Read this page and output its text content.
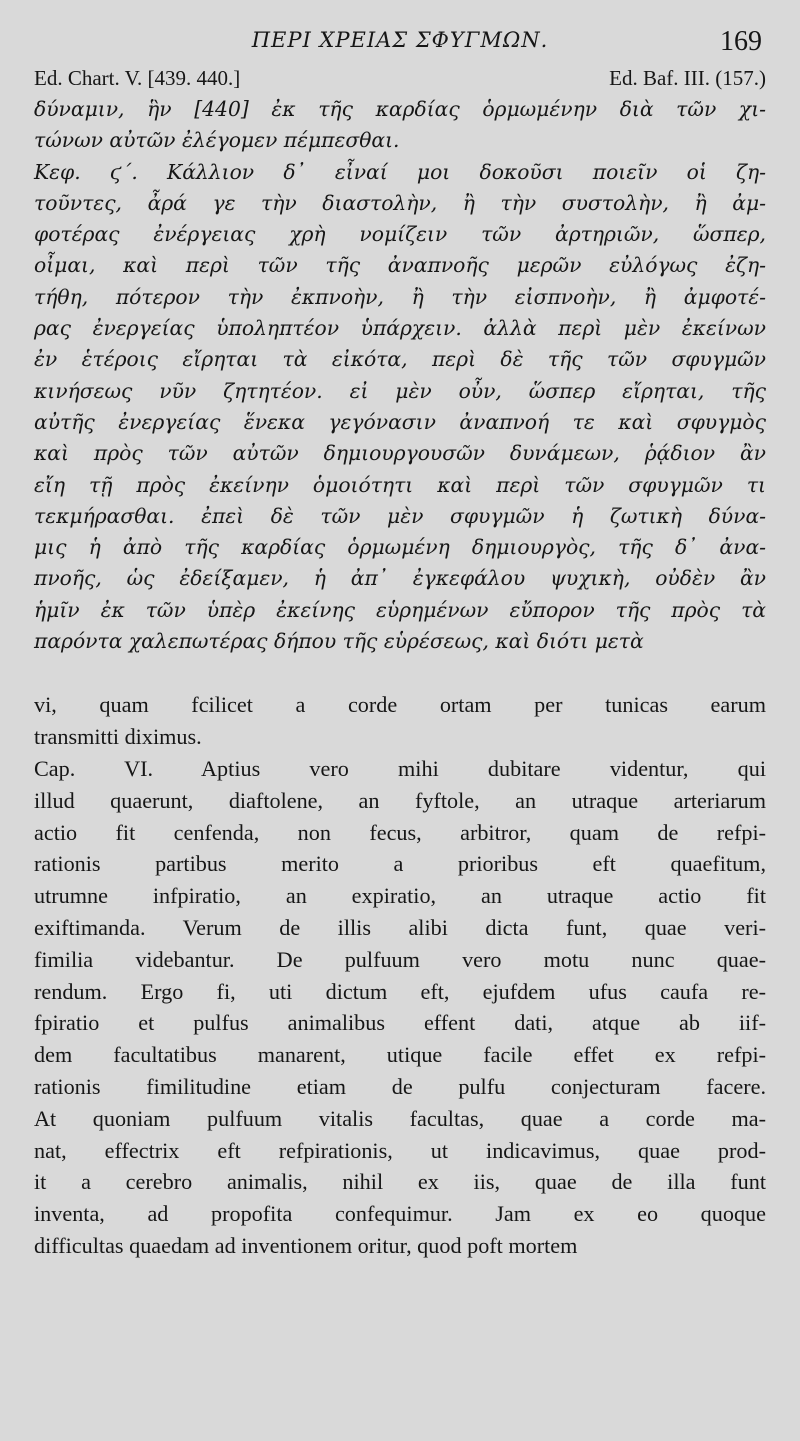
ΠΕΡΙ ΧΡΕΙΑΣ ΣΦΥΓΜΩΝ.	169
Ed. Chart. V. [439. 440.]	Ed. Baf. III. (157.)
δύναμιν, ἣν [440] ἐκ τῆς καρδίας ὁρμωμένην διὰ τῶν χι-
τώνων αὐτῶν ἐλέγομεν πέμπεσθαι.
Κεφ. ϛ΄. Κάλλιον δ᾽ εἶναί μοι δοκοῦσι ποιεῖν οἱ ζη-
τοῦντες, ἆρά γε τὴν διαστολὴν, ἢ τὴν συστολὴν, ἢ ἀμ-
φοτέρας ἐνέργειας χρὴ νομίζειν τῶν ἀρτηριῶν, ὥσπερ,
οἶμαι, καὶ περὶ τῶν τῆς ἀναπνοῆς μερῶν εὐλόγως ἐζη-
τήθη, πότερον τὴν ἐκπνοὴν, ἢ τὴν εἰσπνοὴν, ἢ ἀμφοτέ-
ρας ἐνεργείας ὑποληπτέον ὑπάρχειν. ἀλλὰ περὶ μὲν ἐκείνων
ἐν ἑτέροις εἴρηται τὰ εἰκότα, περὶ δὲ τῆς τῶν σφυγμῶν
κινήσεως νῦν ζητητέον. εἰ μὲν οὖν, ὥσπερ εἴρηται, τῆς
αὐτῆς ἐνεργείας ἕνεκα γεγόνασιν ἀναπνοή τε καὶ σφυγμὸς
καὶ πρὸς τῶν αὐτῶν δημιουργουσῶν δυνάμεων, ῥᾴδιον ἂν
εἴη τῇ πρὸς ἐκείνην ὁμοιότητι καὶ περὶ τῶν σφυγμῶν τι
τεκμήρασθαι. ἐπεὶ δὲ τῶν μὲν σφυγμῶν ἡ ζωτικὴ δύνα-
μις ἡ ἀπὸ τῆς καρδίας ὁρμωμένη δημιουργὸς, τῆς δ᾽ ἀνα-
πνοῆς, ὡς ἐδείξαμεν, ἡ ἀπ᾽ ἐγκεφάλου ψυχικὴ, οὐδὲν ἂν
ἡμῖν ἐκ τῶν ὑπὲρ ἐκείνης εὑρημένων εὔπορον τῆς πρὸς τὰ
παρόντα χαλεπωτέρας δήπου τῆς εὑρέσεως, καὶ διότι μετὰ
vi, quam fcilicet a corde ortam per tunicas earum
transmitti diximus.
Cap. VI. Aptius vero mihi dubitare videntur, qui
illud quaerunt, diaftolene, an fyftole, an utraque arteriarum
actio fit cenfenda, non fecus, arbitror, quam de refpi-
rationis partibus merito a prioribus eft quaefitum,
utrumne infpiratio, an expiratio, an utraque actio fit
exiftimanda. Verum de illis alibi dicta funt, quae veri-
fimilia videbantur. De pulfuum vero motu nunc quae-
rendum. Ergo fi, uti dictum eft, ejufdem ufus caufa re-
fpiratio et pulfus animalibus effent dati, atque ab iif-
dem facultatibus manarent, utique facile effet ex refpi-
rationis fimilitudine etiam de pulfu conjecturam facere.
At quoniam pulfuum vitalis facultas, quae a corde ma-
nat, effectrix eft refpirationis, ut indicavimus, quae prod-
it a cerebro animalis, nihil ex iis, quae de illa funt
inventa, ad propofita confequimur. Jam ex eo quoque
difficultas quaedam ad inventionem oritur, quod poft mortem
